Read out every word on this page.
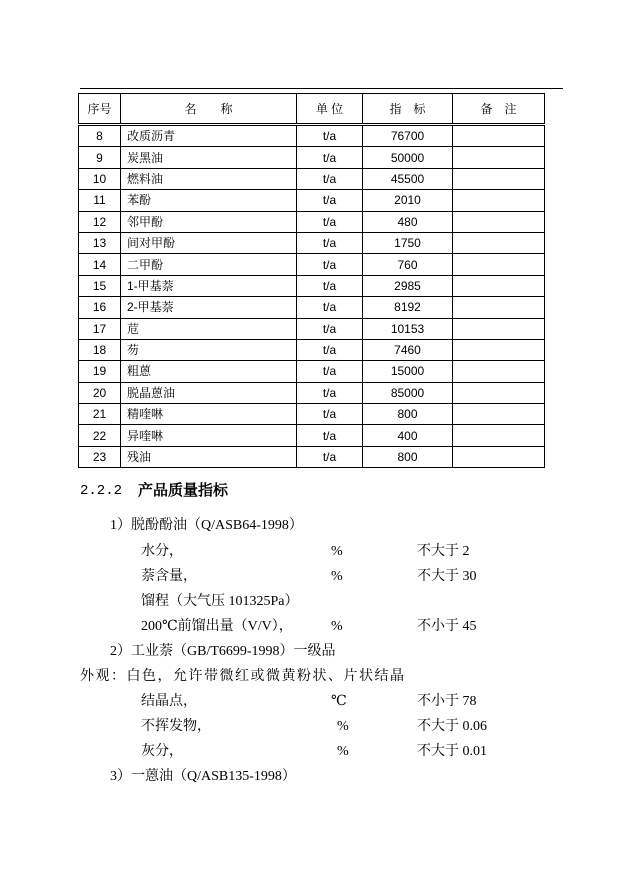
序号	名　　称	单 位	指　标	备　注
8	改质沥青	t/a	76700	
9	炭黑油	t/a	50000	
10	燃料油	t/a	45500	
11	苯酚	t/a	2010	
12	邻甲酚	t/a	480	
13	间对甲酚	t/a	1750	
14	二甲酚	t/a	760	
15	1-甲基萘	t/a	2985	
16	2-甲基萘	t/a	8192	
17	苊	t/a	10153	
18	芴	t/a	7460	
19	粗蒽	t/a	15000	
20	脱晶蒽油	t/a	85000	
21	精喹啉	t/a	800	
22	异喹啉	t/a	400	
23	残油	t/a	800	
2.2.2 产品质量指标
1）脱酚酚油（Q/ASB64-1998）
水分，	%	不大于 2
萘含量，	%	不大于 30
馏程（大气压 101325Pa）
200℃前馏出量（V/V），	%	不小于 45
2）工业萘（GB/T6699-1998）一级品
外观：白色，允许带微红或微黄粉状、片状结晶
结晶点，	℃	不小于 78
不挥发物，	%	不大于 0.06
灰分，	%	不大于 0.01
3）一蒽油（Q/ASB135-1998）
